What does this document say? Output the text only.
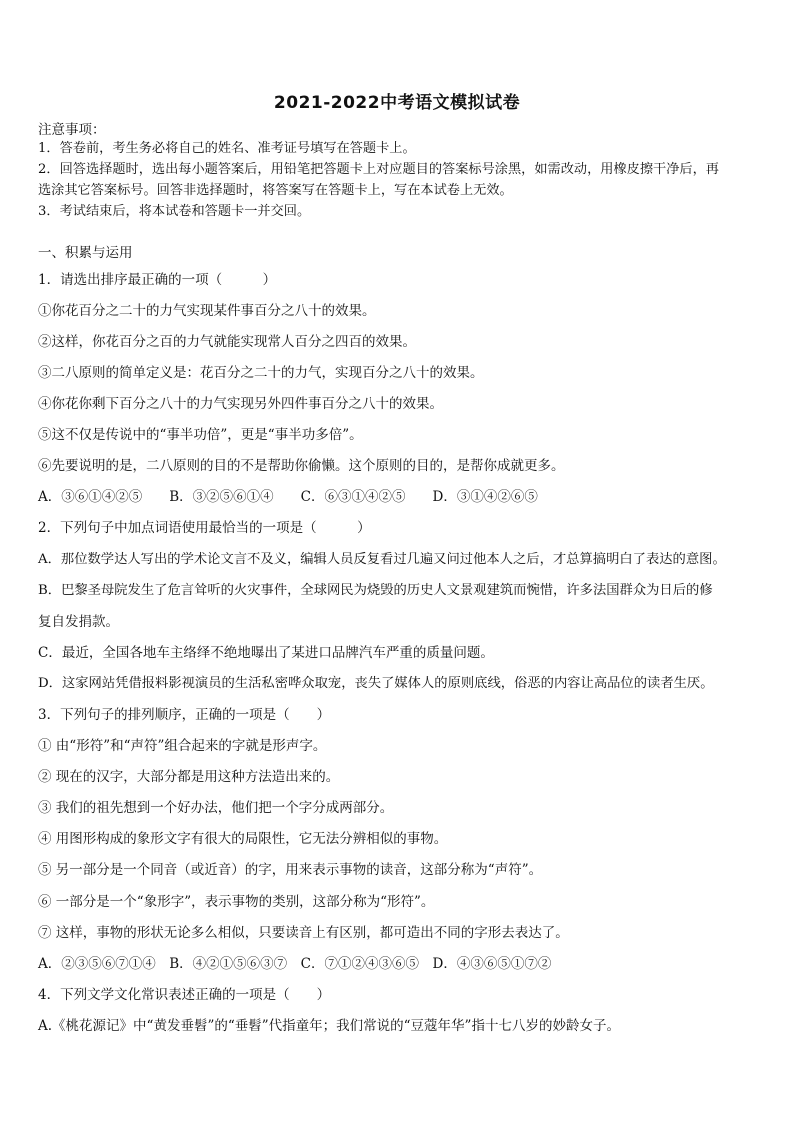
2021-2022中考语文模拟试卷
注意事项：
1．答卷前，考生务必将自己的姓名、准考证号填写在答题卡上。
2．回答选择题时，选出每小题答案后，用铅笔把答题卡上对应题目的答案标号涂黑，如需改动，用橡皮擦干净后，再
选涂其它答案标号。回答非选择题时，将答案写在答题卡上，写在本试卷上无效。
3．考试结束后，将本试卷和答题卡一并交回。
一、积累与运用
1．请选出排序最正确的一项（　　　）
①你花百分之二十的力气实现某件事百分之八十的效果。
②这样，你花百分之百的力气就能实现常人百分之四百的效果。
③二八原则的简单定义是：花百分之二十的力气，实现百分之八十的效果。
④你花你剩下百分之八十的力气实现另外四件事百分之八十的效果。
⑤这不仅是传说中的“事半功倍”，更是“事半功多倍”。
⑥先要说明的是，二八原则的目的不是帮助你偷懒。这个原则的目的，是帮你成就更多。
A．③⑥①④②⑤　　B．③②⑤⑥①④　　C．⑥③①④②⑤　　D．③①④②⑥⑤
2．下列句子中加点词语使用最恰当的一项是（　　　）
A．那位数学达人写出的学术论文言不及义，编辑人员反复看过几遍又问过他本人之后，才总算搞明白了表达的意图。
B．巴黎圣母院发生了危言耸听的火灾事件，全球网民为烧毁的历史人文景观建筑而惋惜，许多法国群众为日后的修
复自发捐款。
C．最近，全国各地车主络绎不绝地曝出了某进口品牌汽车严重的质量问题。
D．这家网站凭借报料影视演员的生活私密哗众取宠，丧失了媒体人的原则底线，俗恶的内容让高品位的读者生厌。
3．下列句子的排列顺序，正确的一项是（　　）
① 由“形符”和“声符”组合起来的字就是形声字。
② 现在的汉字，大部分都是用这种方法造出来的。
③ 我们的祖先想到一个好办法，他们把一个字分成两部分。
④ 用图形构成的象形文字有很大的局限性，它无法分辨相似的事物。
⑤ 另一部分是一个同音（或近音）的字，用来表示事物的读音，这部分称为“声符”。
⑥ 一部分是一个“象形字”，表示事物的类别，这部分称为“形符”。
⑦ 这样，事物的形状无论多么相似，只要读音上有区别，都可造出不同的字形去表达了。
A．②③⑤⑥⑦①④　B．④②①⑤⑥③⑦　C．⑦①②④③⑥⑤　D．④③⑥⑤①⑦②
4．下列文学文化常识表述正确的一项是（　　）
A.《桃花源记》中“黄发垂髫”的“垂髫”代指童年；我们常说的“豆蔻年华”指十七八岁的妙龄女子。
